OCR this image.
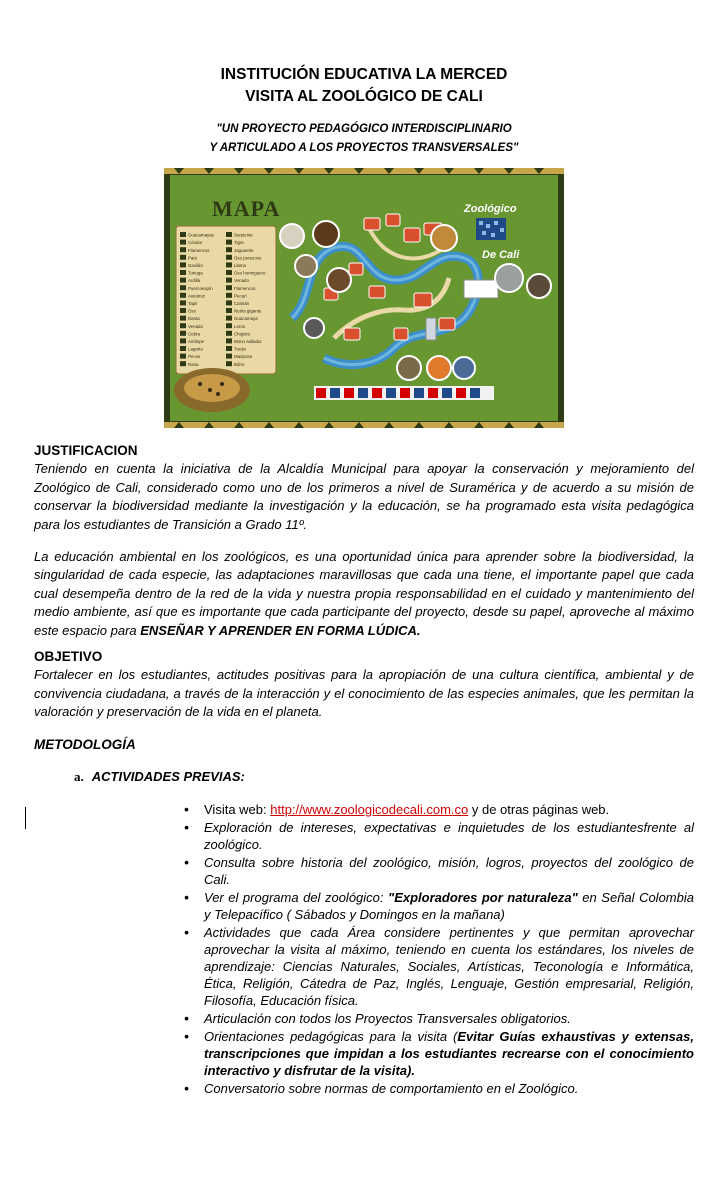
INSTITUCIÓN EDUCATIVA LA MERCED
VISITA AL ZOOLÓGICO DE CALI
"UN PROYECTO PEDAGÓGICO INTERDISCIPLINARIO
Y ARTICULADO A LOS PROYECTOS TRANSVERSALES"
MAPA
Guacamayas
Cóndor
Flamencos
Pato
Gavilán
Tortuga
Ardilla
Puercoespín
Avestruz
Tapir
Oso
Danta
Venado
Cebra
Antílope
Lagarto
Peces
Rana
Serpiente
Tigre
Jaguarete
Oso perezoso
Llama
Oso hormiguero
Venado
Flamencos
Pecarí
Caimán
Nutria gigante
Guacamaya
Loros
Chigüiro
Mono aullador
Tucán
Mariposa
Búho
Zoológico
De Cali
JUSTIFICACION
Teniendo en cuenta la iniciativa de la Alcaldía Municipal para apoyar la conservación y mejoramiento del Zoológico de Cali, considerado como uno de los primeros a nivel de Suramérica y de acuerdo a su misión de conservar la biodiversidad mediante la investigación y la educación, se ha programado esta visita pedagógica para los estudiantes de Transición a Grado 11º.
La educación ambiental en los zoológicos, es una oportunidad única para aprender sobre la biodiversidad, la singularidad de cada especie, las adaptaciones maravillosas que cada una tiene, el importante papel que cada cual desempeña dentro de la red de la vida y nuestra propia responsabilidad en el cuidado y mantenimiento del medio ambiente, así que es importante que cada participante del proyecto, desde su papel, aproveche al máximo este espacio para ENSEÑAR Y APRENDER EN FORMA LÚDICA.
OBJETIVO
Fortalecer en los estudiantes, actitudes positivas para la apropiación de una cultura científica, ambiental y de convivencia ciudadana, a través de la interacción y el conocimiento de las especies animales, que les permitan la valoración y preservación de la vida en el planeta.
METODOLOGÍA
a. ACTIVIDADES PREVIAS:
• Visita web: http://www.zoologicodecali.com.co y de otras páginas web.
• Exploración de intereses, expectativas e inquietudes de los estudiantesfrente al zoológico.
• Consulta sobre historia del zoológico, misión, logros, proyectos del zoológico de Cali.
• Ver el programa del zoológico: "Exploradores por naturaleza" en Señal Colombia y Telepacífico ( Sábados y Domingos en la mañana)
• Actividades que cada Área considere pertinentes y que permitan aprovechar aprovechar la visita al máximo, teniendo en cuenta los estándares, los niveles de aprendizaje: Ciencias Naturales, Sociales, Artísticas, Teconología e Informática, Ética, Religión, Cátedra de Paz, Inglés, Lenguaje, Gestión empresarial, Religión, Filosofía, Educación física.
• Articulación con todos los Proyectos Transversales obligatorios.
• Orientaciones pedagógicas para la visita (Evitar Guías exhaustivas y extensas, transcripciones que impidan a los estudiantes recrearse con el conocimiento interactivo y disfrutar de la visita).
• Conversatorio sobre normas de comportamiento en el Zoológico.
